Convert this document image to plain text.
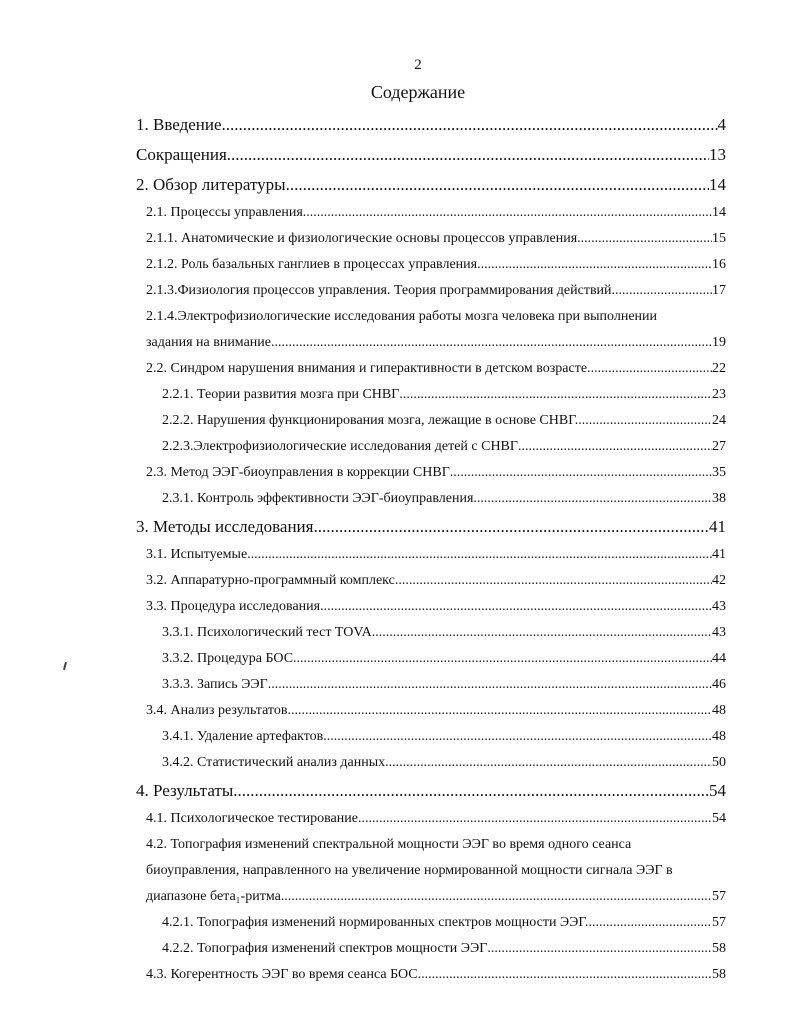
2
Содержание
1. Введение .....	4
Сокращения .....	13
2. Обзор литературы .....	14
2.1. Процессы управления .....	14
2.1.1. Анатомические и физиологические основы процессов управления .....	15
2.1.2. Роль базальных ганглиев в процессах управления .....	16
2.1.3.Физиология процессов управления. Теория программирования действий .....	17
2.1.4.Электрофизиологические исследования работы мозга человека при выполнении
задания на внимание .....	19
2.2. Синдром нарушения внимания и гиперактивности в детском возрасте. .....	22
2.2.1. Теории развития мозга при СНВГ .....	23
2.2.2. Нарушения функционирования мозга, лежащие в основе СНВГ. .....	24
2.2.3.Электрофизиологические исследования детей с СНВГ .....	27
2.3. Метод ЭЭГ-биоуправления в коррекции СНВГ .....	35
2.3.1. Контроль эффективности ЭЭГ-биоуправления .....	38
3. Методы исследования .....	41
3.1. Испытуемые .....	41
3.2. Аппаратурно-программный комплекс .....	42
3.3. Процедура исследования .....	43
3.3.1. Психологический тест TOVA .....	43
3.3.2. Процедура БОС. .....	44
3.3.3. Запись ЭЭГ .....	46
3.4. Анализ результатов. .....	48
3.4.1. Удаление артефактов. .....	48
3.4.2. Статистический анализ данных .....	50
4. Результаты .....	54
4.1. Психологическое тестирование. .....	54
4.2. Топография изменений спектральной мощности ЭЭГ во время одного сеанса
биоуправления, направленного на увеличение нормированной мощности сигнала ЭЭГ в
диапазоне бета₁-ритма .....	57
4.2.1. Топография изменений нормированных спектров мощности ЭЭГ. .....	57
4.2.2. Топография изменений спектров мощности ЭЭГ .....	58
4.3. Когерентность ЭЭГ во время сеанса БОС .....	58
